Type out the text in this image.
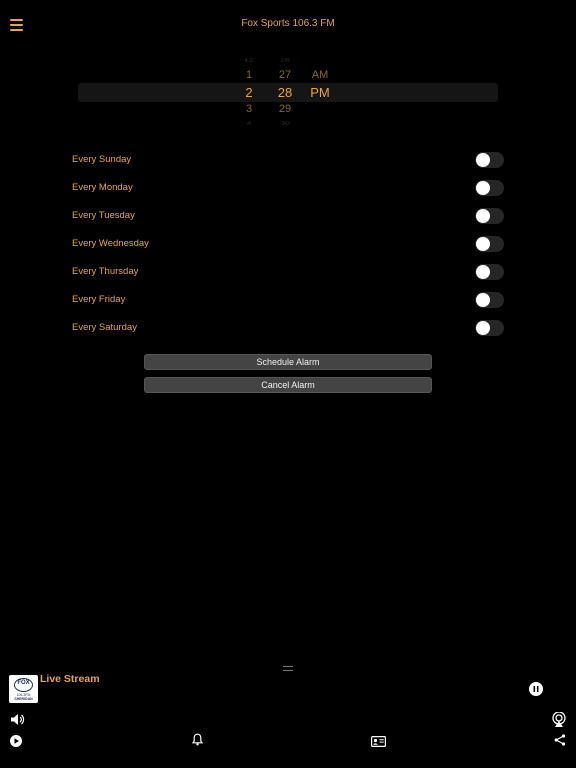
Fox Sports 106.3 FM
12
1
2
3
4
26
27
28
29
30
AM
PM
Every Sunday
Every Monday
Every Tuesday
Every Wednesday
Every Thursday
Every Friday
Every Saturday
Schedule Alarm
Cancel Alarm
FOX
106.3FM
SHERIDAN
Live Stream
